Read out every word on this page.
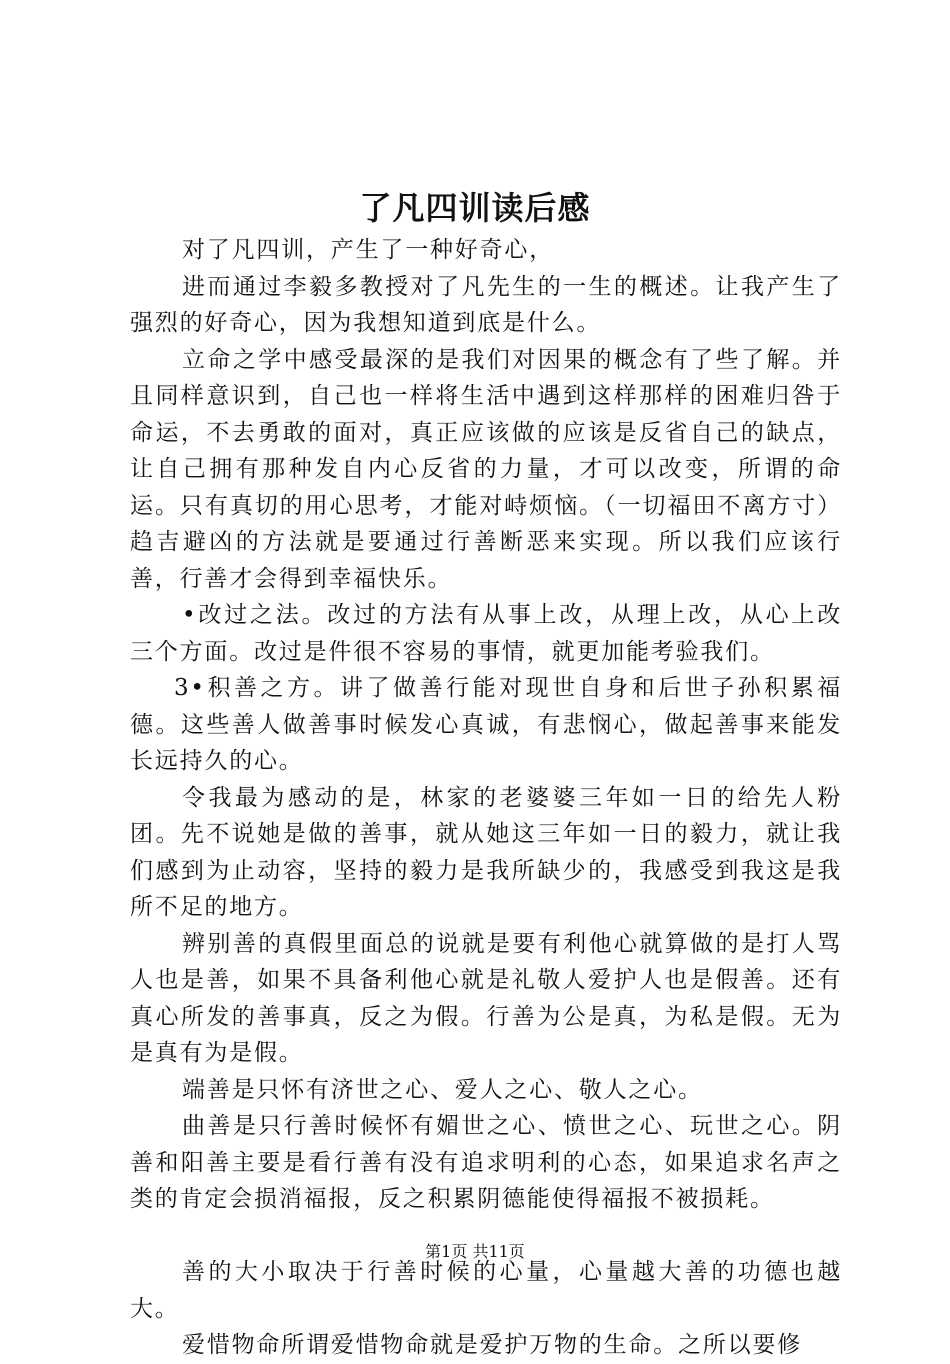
了凡四训读后感

对了凡四训，产生了一种好奇心，

进而通过李毅多教授对了凡先生的一生的概述。让我产生了强烈的好奇心，因为我想知道到底是什么。

立命之学中感受最深的是我们对因果的概念有了些了解。并且同样意识到，自己也一样将生活中遇到这样那样的困难归咎于命运，不去勇敢的面对，真正应该做的应该是反省自己的缺点，让自己拥有那种发自内心反省的力量，才可以改变，所谓的命运。只有真切的用心思考，才能对峙烦恼。（一切福田不离方寸）趋吉避凶的方法就是要通过行善断恶来实现。所以我们应该行善，行善才会得到幸福快乐。

•改过之法。改过的方法有从事上改，从理上改，从心上改三个方面。改过是件很不容易的事情，就更加能考验我们。

3•积善之方。讲了做善行能对现世自身和后世子孙积累福德。这些善人做善事时候发心真诚，有悲悯心，做起善事来能发长远持久的心。

令我最为感动的是，林家的老婆婆三年如一日的给先人粉团。先不说她是做的善事，就从她这三年如一日的毅力，就让我们感到为止动容，坚持的毅力是我所缺少的，我感受到我这是我所不足的地方。

辨别善的真假里面总的说就是要有利他心就算做的是打人骂人也是善，如果不具备利他心就是礼敬人爱护人也是假善。还有真心所发的善事真，反之为假。行善为公是真，为私是假。无为是真有为是假。

端善是只怀有济世之心、爱人之心、敬人之心。

曲善是只行善时候怀有媚世之心、愤世之心、玩世之心。阴善和阳善主要是看行善有没有追求明利的心态，如果追求名声之类的肯定会损消福报，反之积累阴德能使得福报不被损耗。

善的大小取决于行善时候的心量，心量越大善的功德也越大。

爱惜物命所谓爱惜物命就是爱护万物的生命。之所以要修

第1页 共11页
